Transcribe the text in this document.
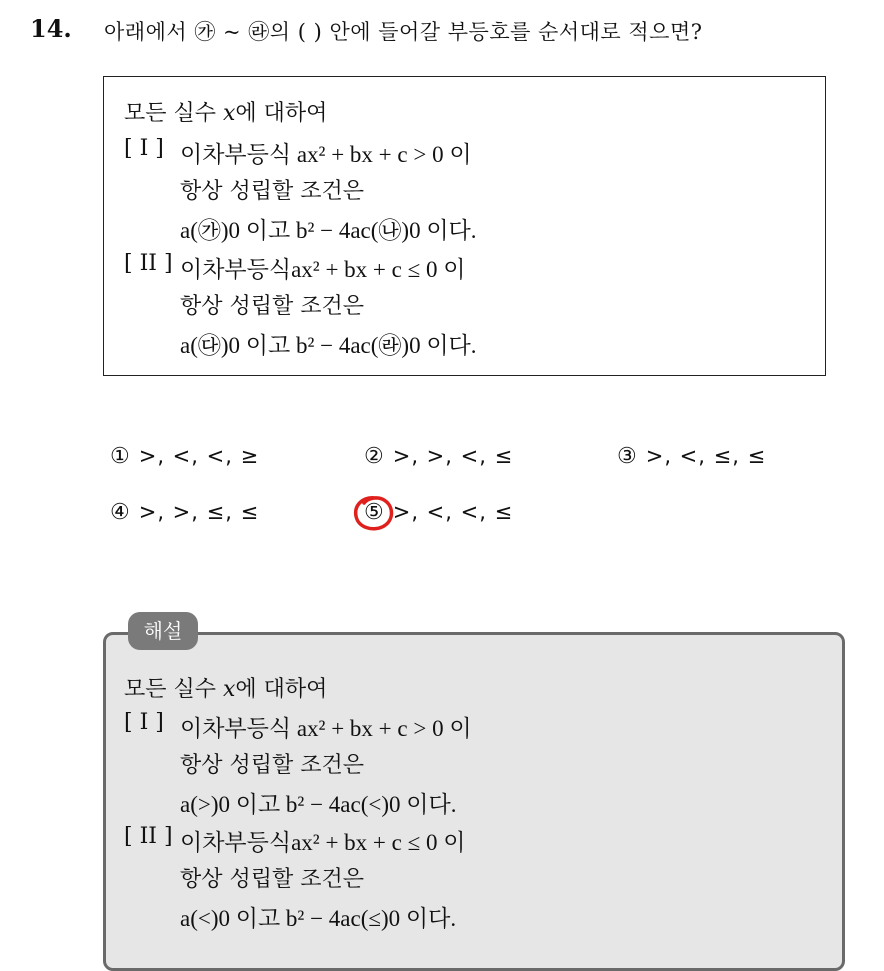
14. 아래에서 ㉮ ~ ㉱의 ( ) 안에 들어갈 부등호를 순서대로 적으면?
모든 실수 𝑥에 대하여
[ I ] 이차부등식 ax² + bx + c > 0 이
항상 성립할 조건은
a(㉮)0 이고 b² − 4ac(㉯)0 이다.
[ II ] 이차부등식ax² + bx + c ≤ 0 이
항상 성립할 조건은
a(㉰)0 이고 b² − 4ac(㉱)0 이다.
① >, <, <, ≥	② >, >, <, ≤	③ >, <, ≤, ≤
④ >, >, ≤, ≤	⑤ >, <, <, ≤
해설
모든 실수 𝑥에 대하여
[ I ] 이차부등식 ax² + bx + c > 0 이
항상 성립할 조건은
a(>)0 이고 b² − 4ac(<)0 이다.
[ II ] 이차부등식ax² + bx + c ≤ 0 이
항상 성립할 조건은
a(<)0 이고 b² − 4ac(≤)0 이다.
